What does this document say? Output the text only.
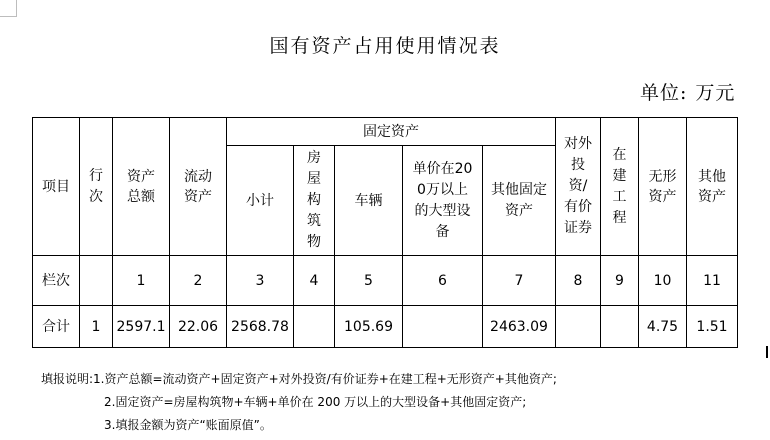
国有资产占用使用情况表
单位: 万元
项目	行次	资产总额	流动资产	固定资产					对外投资/有价证券	在建工程	无形资产	其他资产
				小计	房屋构筑物	车辆	单价在200万以上的大型设备	其他固定资产				
栏次		1	2	3	4	5	6	7	8	9	10	11
合计	1	2597.1	22.06	2568.78		105.69		2463.09			4.75	1.51
填报说明:1.资产总额=流动资产+固定资产+对外投资/有价证券+在建工程+无形资产+其他资产;
2.固定资产=房屋构筑物+车辆+单价在 200 万以上的大型设备+其他固定资产;
3.填报金额为资产“账面原值”。
